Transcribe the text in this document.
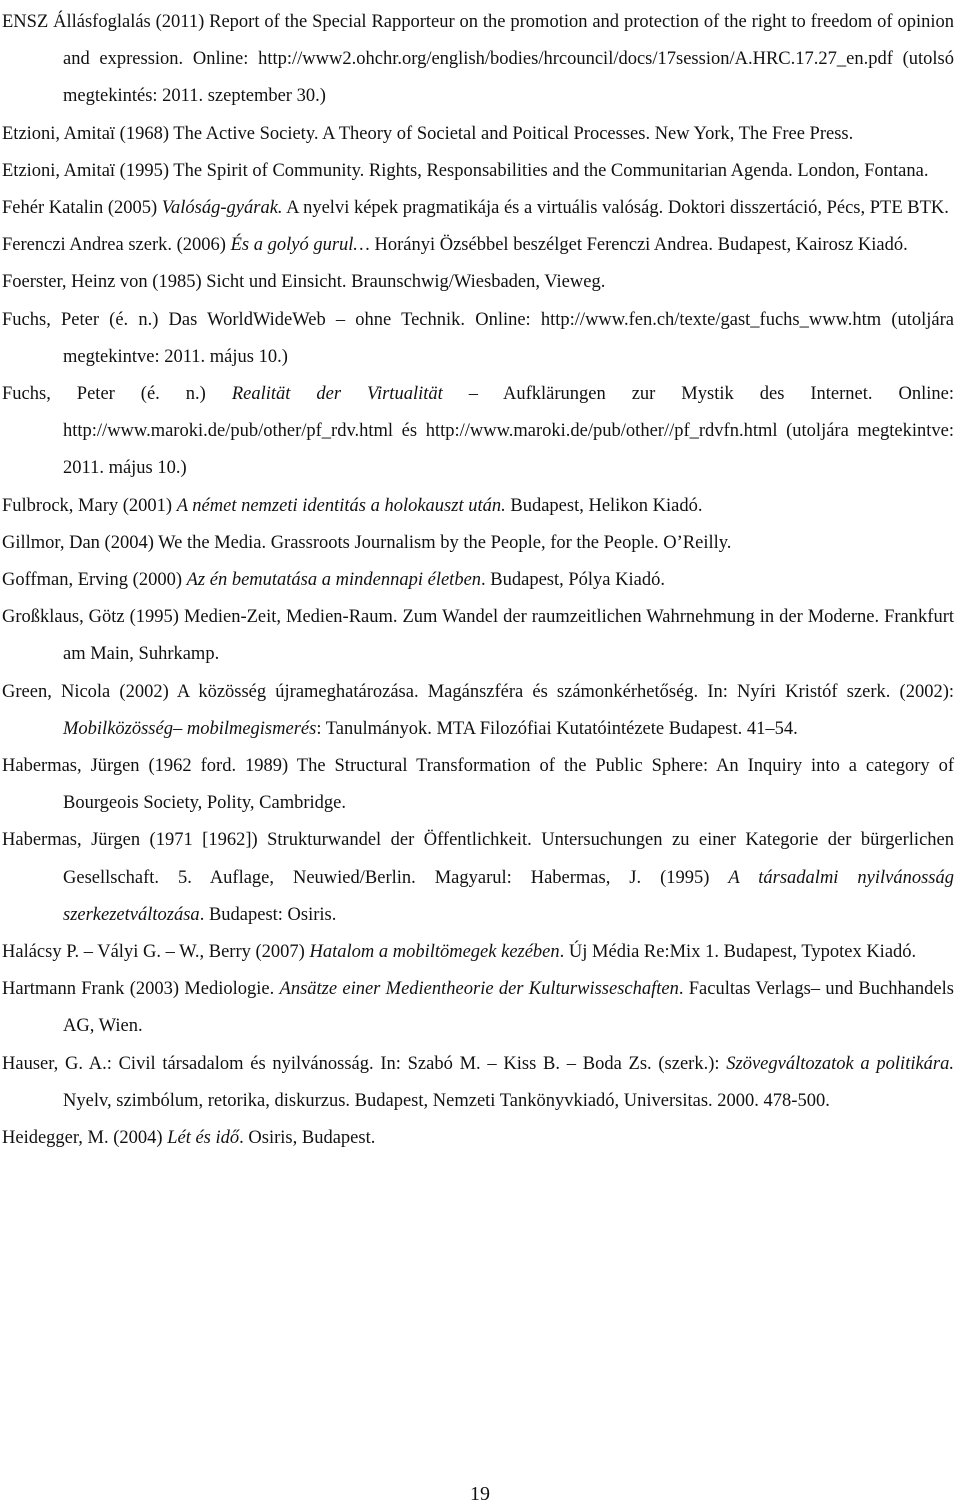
ENSZ Állásfoglalás (2011) Report of the Special Rapporteur on the promotion and protection of the right to freedom of opinion and expression. Online: http://www2.ohchr.org/english/bodies/hrcouncil/docs/17session/A.HRC.17.27_en.pdf (utolsó megtekintés: 2011. szeptember 30.)

Etzioni, Amitaï (1968) The Active Society. A Theory of Societal and Poitical Processes. New York, The Free Press.

Etzioni, Amitaï (1995) The Spirit of Community. Rights, Responsabilities and the Communitarian Agenda. London, Fontana.

Fehér Katalin (2005) Valóság-gyárak. A nyelvi képek pragmatikája és a virtuális valóság. Doktori disszertáció, Pécs, PTE BTK.

Ferenczi Andrea szerk. (2006) És a golyó gurul… Horányi Özsébbel beszélget Ferenczi Andrea. Budapest, Kairosz Kiadó.

Foerster, Heinz von (1985) Sicht und Einsicht. Braunschwig/Wiesbaden, Vieweg.

Fuchs, Peter (é. n.) Das WorldWideWeb – ohne Technik. Online: http://www.fen.ch/texte/gast_fuchs_www.htm (utoljára megtekintve: 2011. május 10.)

Fuchs, Peter (é. n.) Realität der Virtualität – Aufklärungen zur Mystik des Internet. Online: http://www.maroki.de/pub/other/pf_rdv.html és http://www.maroki.de/pub/other//pf_rdvfn.html (utoljára megtekintve: 2011. május 10.)

Fulbrock, Mary (2001) A német nemzeti identitás a holokauszt után. Budapest, Helikon Kiadó.

Gillmor, Dan (2004) We the Media. Grassroots Journalism by the People, for the People. O’Reilly.

Goffman, Erving (2000) Az én bemutatása a mindennapi életben. Budapest, Pólya Kiadó.

Großklaus, Götz (1995) Medien-Zeit, Medien-Raum. Zum Wandel der raumzeitlichen Wahrnehmung in der Moderne. Frankfurt am Main, Suhrkamp.

Green, Nicola (2002) A közösség újrameghatározása. Magánszféra és számonkérhetőség. In: Nyíri Kristóf szerk. (2002): Mobilközösség– mobilmegismerés: Tanulmányok. MTA Filozófiai Kutatóintézete Budapest. 41–54.

Habermas, Jürgen (1962 ford. 1989) The Structural Transformation of the Public Sphere: An Inquiry into a category of Bourgeois Society, Polity, Cambridge.

Habermas, Jürgen (1971 [1962]) Strukturwandel der Öffentlichkeit. Untersuchungen zu einer Kategorie der bürgerlichen Gesellschaft. 5. Auflage, Neuwied/Berlin. Magyarul: Habermas, J. (1995) A társadalmi nyilvánosság szerkezetváltozása. Budapest: Osiris.

Halácsy P. – Vályi G. – W., Berry (2007) Hatalom a mobiltömegek kezében. Új Média Re:Mix 1. Budapest, Typotex Kiadó.

Hartmann Frank (2003) Mediologie. Ansätze einer Medientheorie der Kulturwisseschaften. Facultas Verlags– und Buchhandels AG, Wien.

Hauser, G. A.: Civil társadalom és nyilvánosság. In: Szabó M. – Kiss B. – Boda Zs. (szerk.): Szövegváltozatok a politikára. Nyelv, szimbólum, retorika, diskurzus. Budapest, Nemzeti Tankönyvkiadó, Universitas. 2000. 478-500.

Heidegger, M. (2004) Lét és idő. Osiris, Budapest.

19
